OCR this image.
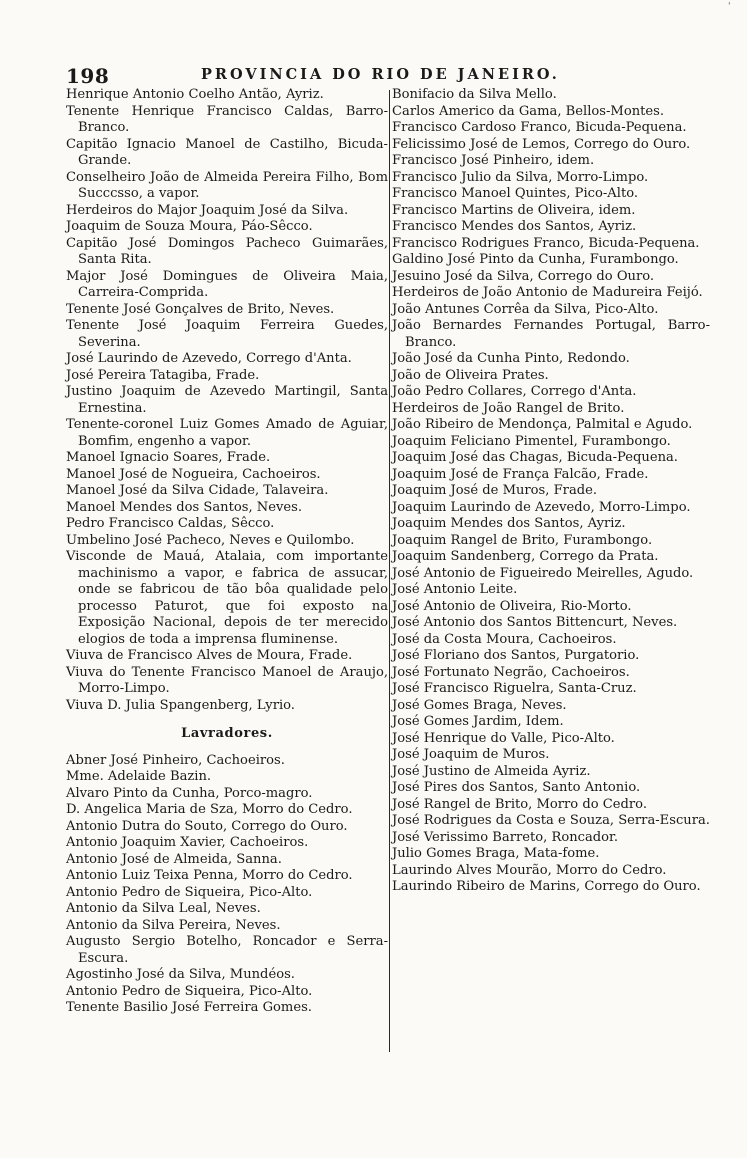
'
198	PROVINCIA DO RIO DE JANEIRO.

Henrique Antonio Coelho Antão, Ayriz.

Tenente Henrique Francisco Caldas, Barro-Branco.

Capitão Ignacio Manoel de Castilho, Bicuda-Grande.

Conselheiro João de Almeida Pereira Filho, Bom Succcsso, a vapor.

Herdeiros do Major Joaquim José da Silva.

Joaquim de Souza Moura, Páo-Sêcco.

Capitão José Domingos Pacheco Guimarães, Santa Rita.

Major José Domingues de Oliveira Maia, Carreira-Comprida.

Tenente José Gonçalves de Brito, Neves.

Tenente José Joaquim Ferreira Guedes, Severina.

José Laurindo de Azevedo, Corrego d'Anta.

José Pereira Tatagiba, Frade.

Justino Joaquim de Azevedo Martingil, Santa Ernestina.

Tenente-coronel Luiz Gomes Amado de Aguiar, Bomfim, engenho a vapor.

Manoel Ignacio Soares, Frade.

Manoel José de Nogueira, Cachoeiros.

Manoel José da Silva Cidade, Talaveira.

Manoel Mendes dos Santos, Neves.

Pedro Francisco Caldas, Sêcco.

Umbelino José Pacheco, Neves e Quilombo.

Visconde de Mauá, Atalaia, com importante machinismo a vapor, e fabrica de assucar, onde se fabricou de tão bôa qualidade pelo processo Paturot, que foi exposto na Exposição Nacional, depois de ter merecido elogios de toda a imprensa fluminense.

Viuva de Francisco Alves de Moura, Frade.

Viuva do Tenente Francisco Manoel de Araujo, Morro-Limpo.

Viuva D. Julia Spangenberg, Lyrio.

Lavradores.

Abner José Pinheiro, Cachoeiros.

Mme. Adelaide Bazin.

Alvaro Pinto da Cunha, Porco-magro.

D. Angelica Maria de Sza, Morro do Cedro.

Antonio Dutra do Souto, Corrego do Ouro.

Antonio Joaquim Xavier, Cachoeiros.

Antonio José de Almeida, Sanna.

Antonio Luiz Teixa Penna, Morro do Cedro.

Antonio Pedro de Siqueira, Pico-Alto.

Antonio da Silva Leal, Neves.

Antonio da Silva Pereira, Neves.

Augusto Sergio Botelho, Roncador e Serra-Escura.

Agostinho José da Silva, Mundéos.

Antonio Pedro de Siqueira, Pico-Alto.

Tenente Basilio José Ferreira Gomes.

Bonifacio da Silva Mello.

Carlos Americo da Gama, Bellos-Montes.

Francisco Cardoso Franco, Bicuda-Pequena.

Felicissimo José de Lemos, Corrego do Ouro.

Francisco José Pinheiro, idem.

Francisco Julio da Silva, Morro-Limpo.

Francisco Manoel Quintes, Pico-Alto.

Francisco Martins de Oliveira, idem.

Francisco Mendes dos Santos, Ayriz.

Francisco Rodrigues Franco, Bicuda-Pequena.

Galdino José Pinto da Cunha, Furambongo.

Jesuino José da Silva, Corrego do Ouro.

Herdeiros de João Antonio de Madureira Feijó.

João Antunes Corrêa da Silva, Pico-Alto.

João Bernardes Fernandes Portugal, Barro-Branco.

João José da Cunha Pinto, Redondo.

João de Oliveira Prates.

João Pedro Collares, Corrego d'Anta.

Herdeiros de João Rangel de Brito.

João Ribeiro de Mendonça, Palmital e Agudo.

Joaquim Feliciano Pimentel, Furambongo.

Joaquim José das Chagas, Bicuda-Pequena.

Joaquim José de França Falcão, Frade.

Joaquim José de Muros, Frade.

Joaquim Laurindo de Azevedo, Morro-Limpo.

Joaquim Mendes dos Santos, Ayriz.

Joaquim Rangel de Brito, Furambongo.

Joaquim Sandenberg, Corrego da Prata.

José Antonio de Figueiredo Meirelles, Agudo.

José Antonio Leite.

José Antonio de Oliveira, Rio-Morto.

José Antonio dos Santos Bittencurt, Neves.

José da Costa Moura, Cachoeiros.

José Floriano dos Santos, Purgatorio.

José Fortunato Negrão, Cachoeiros.

José Francisco Riguelra, Santa-Cruz.

José Gomes Braga, Neves.

José Gomes Jardim, Idem.

José Henrique do Valle, Pico-Alto.

José Joaquim de Muros.

José Justino de Almeida Ayriz.

José Pires dos Santos, Santo Antonio.

José Rangel de Brito, Morro do Cedro.

José Rodrigues da Costa e Souza, Serra-Escura.

José Verissimo Barreto, Roncador.

Julio Gomes Braga, Mata-fome.

Laurindo Alves Mourão, Morro do Cedro.

Laurindo Ribeiro de Marins, Corrego do Ouro.
